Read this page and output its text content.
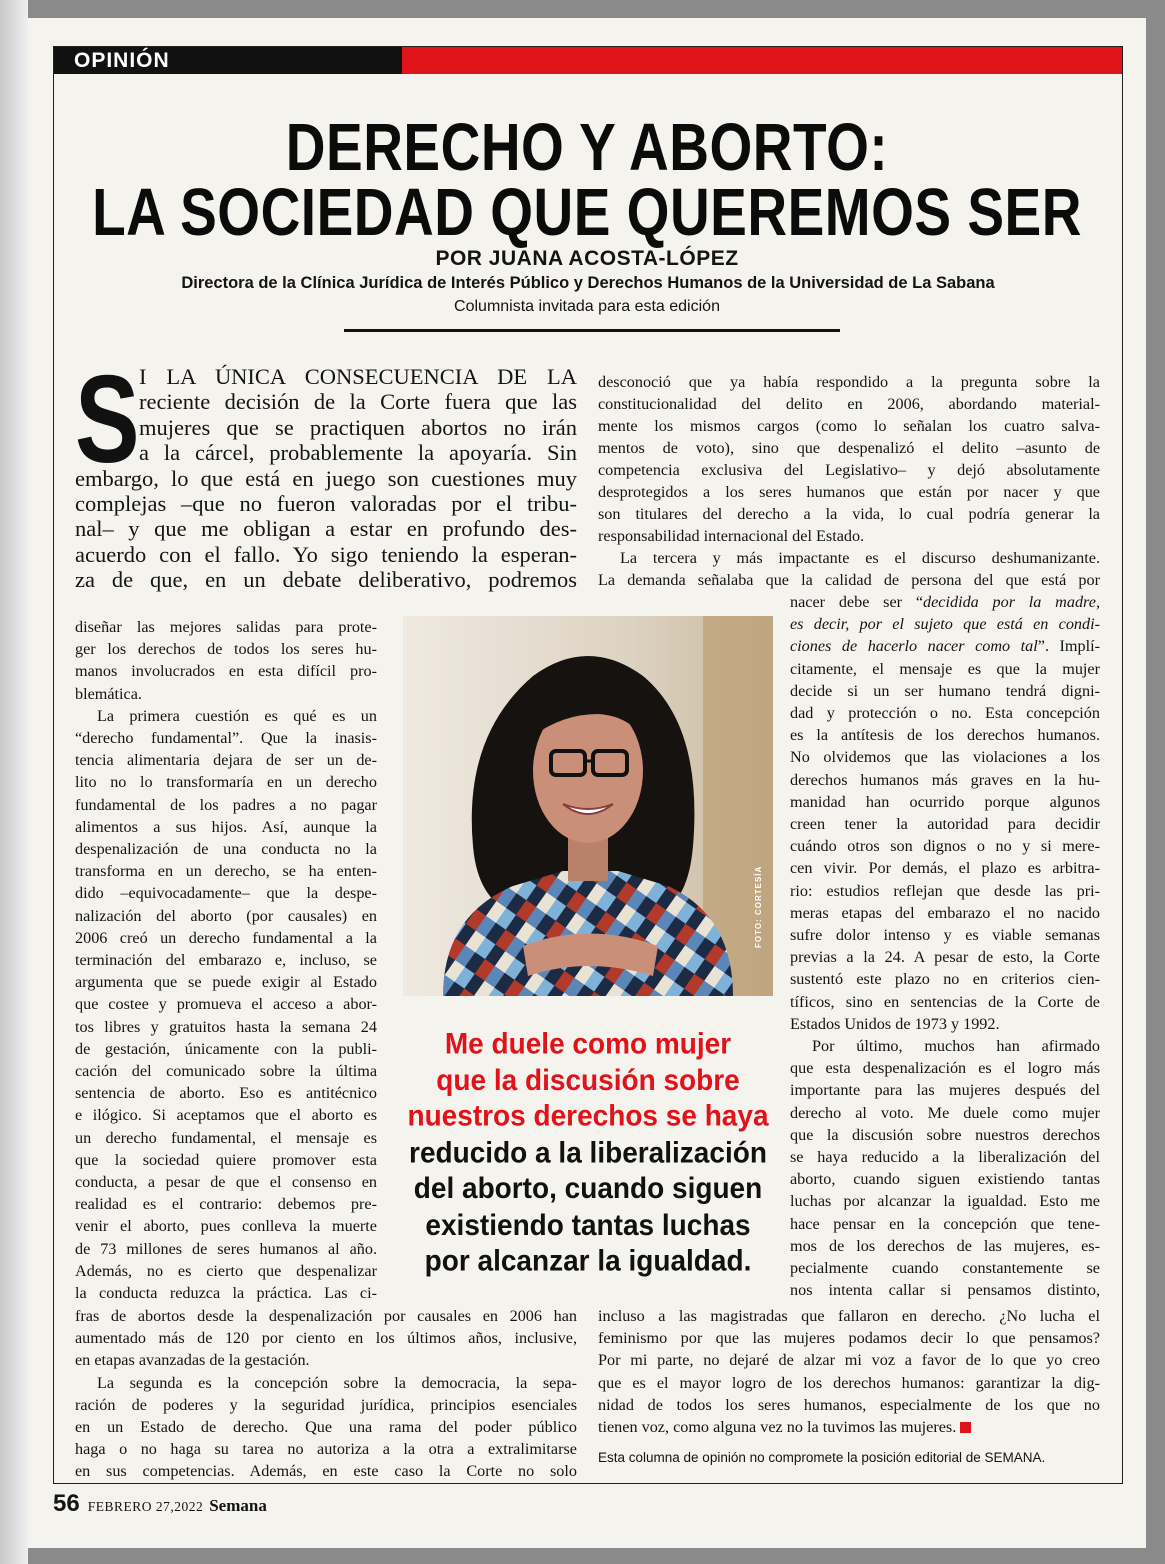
OPINIÓN
DERECHO Y ABORTO:
LA SOCIEDAD QUE QUEREMOS SER
POR JUANA ACOSTA-LÓPEZ
Directora de la Clínica Jurídica de Interés Público y Derechos Humanos de la Universidad de La Sabana
Columnista invitada para esta edición
S I LA ÚNICA CONSECUENCIA DE LA
reciente decisión de la Corte fuera que las
mujeres que se practiquen abortos no irán
a la cárcel, probablemente la apoyaría. Sin
embargo, lo que está en juego son cuestiones muy
complejas –que no fueron valoradas por el tribu-
nal– y que me obligan a estar en profundo des-
acuerdo con el fallo. Yo sigo teniendo la esperan-
za de que, en un debate deliberativo, podremos
diseñar las mejores salidas para prote-
ger los derechos de todos los seres hu-
manos involucrados en esta difícil pro-
blemática.
La primera cuestión es qué es un
“derecho fundamental”. Que la inasis-
tencia alimentaria dejara de ser un de-
lito no lo transformaría en un derecho
fundamental de los padres a no pagar
alimentos a sus hijos. Así, aunque la
despenalización de una conducta no la
transforma en un derecho, se ha enten-
dido –equivocadamente– que la despe-
nalización del aborto (por causales) en
2006 creó un derecho fundamental a la
terminación del embarazo e, incluso, se
argumenta que se puede exigir al Estado
que costee y promueva el acceso a abor-
tos libres y gratuitos hasta la semana 24
de gestación, únicamente con la publi-
cación del comunicado sobre la última
sentencia de aborto. Eso es antitécnico
e ilógico. Si aceptamos que el aborto es
un derecho fundamental, el mensaje es
que la sociedad quiere promover esta
conducta, a pesar de que el consenso en
realidad es el contrario: debemos pre-
venir el aborto, pues conlleva la muerte
de 73 millones de seres humanos al año.
Además, no es cierto que despenalizar
la conducta reduzca la práctica. Las ci-
fras de abortos desde la despenalización por causales en 2006 han
aumentado más de 120 por ciento en los últimos años, inclusive,
en etapas avanzadas de la gestación.
La segunda es la concepción sobre la democracia, la sepa-
ración de poderes y la seguridad jurídica, principios esenciales
en un Estado de derecho. Que una rama del poder público
haga o no haga su tarea no autoriza a la otra a extralimitarse
en sus competencias. Además, en este caso la Corte no solo
desconoció que ya había respondido a la pregunta sobre la
constitucionalidad del delito en 2006, abordando material-
mente los mismos cargos (como lo señalan los cuatro salva-
mentos de voto), sino que despenalizó el delito –asunto de
competencia exclusiva del Legislativo– y dejó absolutamente
desprotegidos a los seres humanos que están por nacer y que
son titulares del derecho a la vida, lo cual podría generar la
responsabilidad internacional del Estado.
La tercera y más impactante es el discurso deshumanizante.
La demanda señalaba que la calidad de persona del que está por
nacer debe ser “decidida por la madre,
es decir, por el sujeto que está en condi-
ciones de hacerlo nacer como tal”. Implí-
citamente, el mensaje es que la mujer
decide si un ser humano tendrá digni-
dad y protección o no. Esta concepción
es la antítesis de los derechos humanos.
No olvidemos que las violaciones a los
derechos humanos más graves en la hu-
manidad han ocurrido porque algunos
creen tener la autoridad para decidir
cuándo otros son dignos o no y si mere-
cen vivir. Por demás, el plazo es arbitra-
rio: estudios reflejan que desde las pri-
meras etapas del embarazo el no nacido
sufre dolor intenso y es viable semanas
previas a la 24. A pesar de esto, la Corte
sustentó este plazo no en criterios cien-
tíficos, sino en sentencias de la Corte de
Estados Unidos de 1973 y 1992.
Por último, muchos han afirmado
que esta despenalización es el logro más
importante para las mujeres después del
derecho al voto. Me duele como mujer
que la discusión sobre nuestros derechos
se haya reducido a la liberalización del
aborto, cuando siguen existiendo tantas
luchas por alcanzar la igualdad. Esto me
hace pensar en la concepción que tene-
mos de los derechos de las mujeres, es-
pecialmente cuando constantemente se
nos intenta callar si pensamos distinto,
incluso a las magistradas que fallaron en derecho. ¿No lucha el
feminismo por que las mujeres podamos decir lo que pensamos?
Por mi parte, no dejaré de alzar mi voz a favor de lo que yo creo
que es el mayor logro de los derechos humanos: garantizar la dig-
nidad de todos los seres humanos, especialmente de los que no
tienen voz, como alguna vez no la tuvimos las mujeres.
FOTO: CORTESÍA
Me duele como mujer
que la discusión sobre
nuestros derechos se haya
reducido a la liberalización
del aborto, cuando siguen
existiendo tantas luchas
por alcanzar la igualdad.
Esta columna de opinión no compromete la posición editorial de SEMANA.
56 FEBRERO 27,2022 Semana
